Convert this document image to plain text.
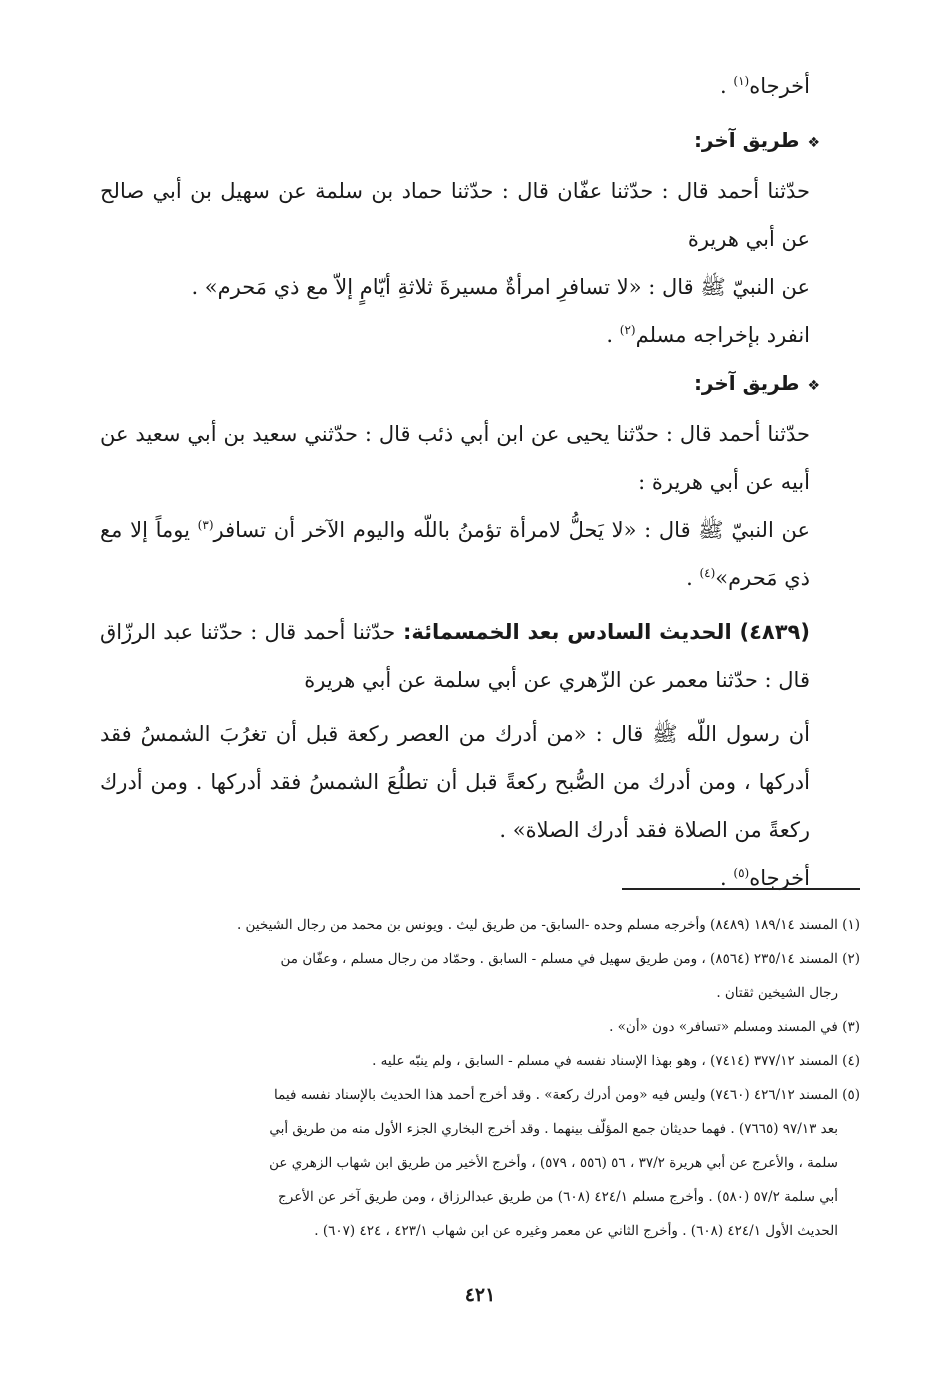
أخرجاه$^{(١)}$ .

❖طريق آخر:

حدّثنا أحمد قال : حدّثنا عفّان قال : حدّثنا حماد بن سلمة عن سهيل بن أبي صالح عن أبي هريرة

عن النبيّ ﷺ قال : «لا تسافرِ امرأةٌ مسيرةَ ثلاثةِ أيّامٍ إلاّ مع ذي مَحرم» .

انفرد بإخراجه مسلم$^{(٢)}$ .

❖طريق آخر:

حدّثنا أحمد قال : حدّثنا يحيى عن ابن أبي ذئب قال : حدّثني سعيد بن أبي سعيد عن أبيه عن أبي هريرة :

عن النبيّ ﷺ قال : «لا يَحلُّ لامرأة تؤمنُ باللّه واليوم الآخر أن تسافر$^{(٣)}$ يوماً إلا مع ذي مَحرم»$^{(٤)}$ .

(٤٨٣٩) الحديث السادس بعد الخمسمائة: حدّثنا أحمد قال : حدّثنا عبد الرزّاق قال : حدّثنا معمر عن الزّهري عن أبي سلمة عن أبي هريرة

أن رسول اللّه ﷺ قال : «من أدرك من العصر ركعة قبل أن تغرُبَ الشمسُ فقد أدركها ، ومن أدرك من الصُّبح ركعةً قبل أن تطلُعَ الشمسُ فقد أدركها . ومن أدرك ركعةً من الصلاة فقد أدرك الصلاة» .

أخرجاه$^{(٥)}$ .

(١) المسند ١٨٩/١٤ (٨٤٨٩) وأخرجه مسلم وحده -السابق- من طريق ليث . ويونس بن محمد من رجال الشيخين .

(٢) المسند ٢٣٥/١٤ (٨٥٦٤) ، ومن طريق سهيل في مسلم - السابق . وحمّاد من رجال مسلم ، وعفّان من

رجال الشيخين ثقتان .

(٣) في المسند ومسلم «تسافر» دون «أن» .

(٤) المسند ٣٧٧/١٢ (٧٤١٤) ، وهو بهذا الإسناد نفسه في مسلم - السابق ، ولم ينبّه عليه .

(٥) المسند ٤٢٦/١٢ (٧٤٦٠) وليس فيه «ومن أدرك ركعة» . وقد أخرج أحمد هذا الحديث بالإسناد نفسه فيما

بعد ٩٧/١٣ (٧٦٦٥) . فهما حديثان جمع المؤلّف بينهما . وقد أخرج البخاري الجزء الأول منه من طريق أبي

سلمة ، والأعرج عن أبي هريرة ٣٧/٢ ، ٥٦ (٥٥٦ ، ٥٧٩) ، وأخرج الأخير من طريق ابن شهاب الزهري عن

أبي سلمة ٥٧/٢ (٥٨٠) . وأخرج مسلم ٤٢٤/١ (٦٠٨) من طريق عبدالرزاق ، ومن طريق آخر عن الأعرج

الحديث الأول ٤٢٤/١ (٦٠٨) . وأخرج الثاني عن معمر وغيره عن ابن شهاب ٤٢٣/١ ، ٤٢٤ (٦٠٧) .

٤٢١
